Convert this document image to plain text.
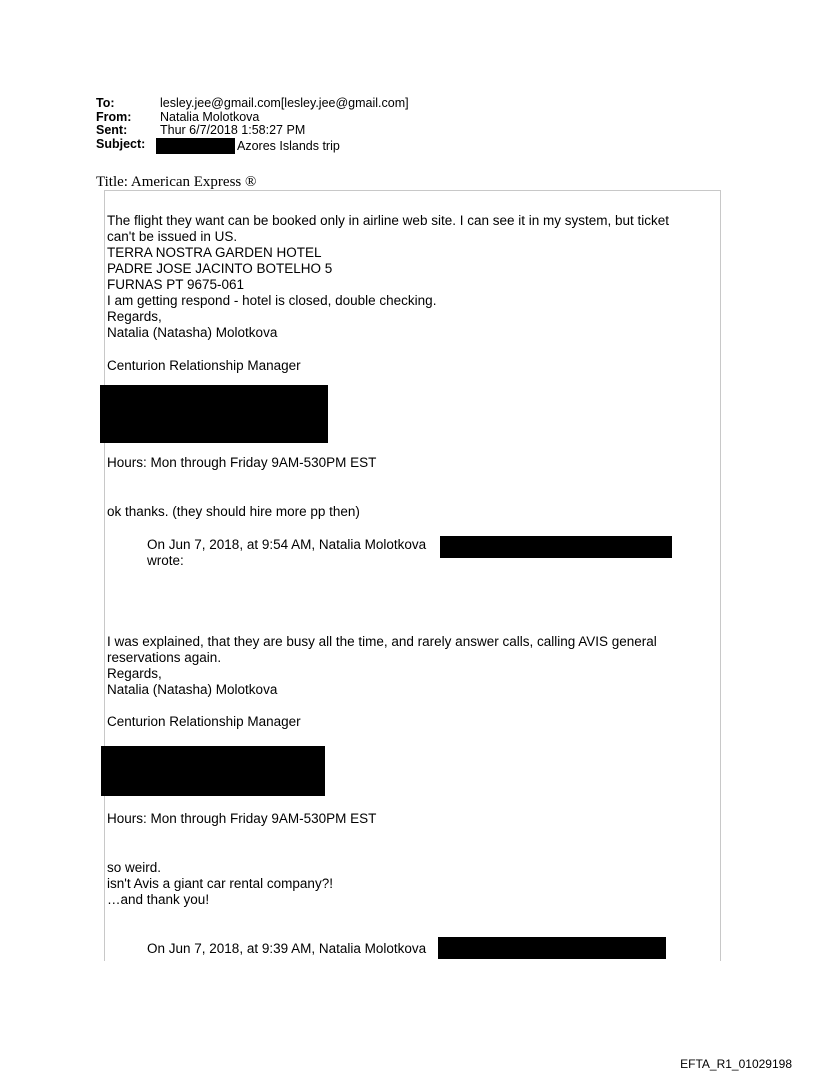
To:	lesley.jee@gmail.com[lesley.jee@gmail.com]
From:	Natalia Molotkova
Sent:	Thur 6/7/2018 1:58:27 PM
Subject:	Azores Islands trip
Title: American Express ®
The flight they want can be booked only in airline web site. I can see it in my system, but ticket
can't be issued in US.
TERRA NOSTRA GARDEN HOTEL
PADRE JOSE JACINTO BOTELHO 5
FURNAS PT 9675-061
I am getting respond - hotel is closed, double checking.
Regards,
Natalia (Natasha) Molotkova
Centurion Relationship Manager
Hours: Mon through Friday 9AM-530PM EST
ok thanks. (they should hire more pp then)
On Jun 7, 2018, at 9:54 AM, Natalia Molotkova
wrote:
I was explained, that they are busy all the time, and rarely answer calls, calling AVIS general
reservations again.
Regards,
Natalia (Natasha) Molotkova
Centurion Relationship Manager
Hours: Mon through Friday 9AM-530PM EST
so weird.
isn't Avis a giant car rental company?!
…and thank you!
On Jun 7, 2018, at 9:39 AM, Natalia Molotkova
EFTA_R1_01029198
